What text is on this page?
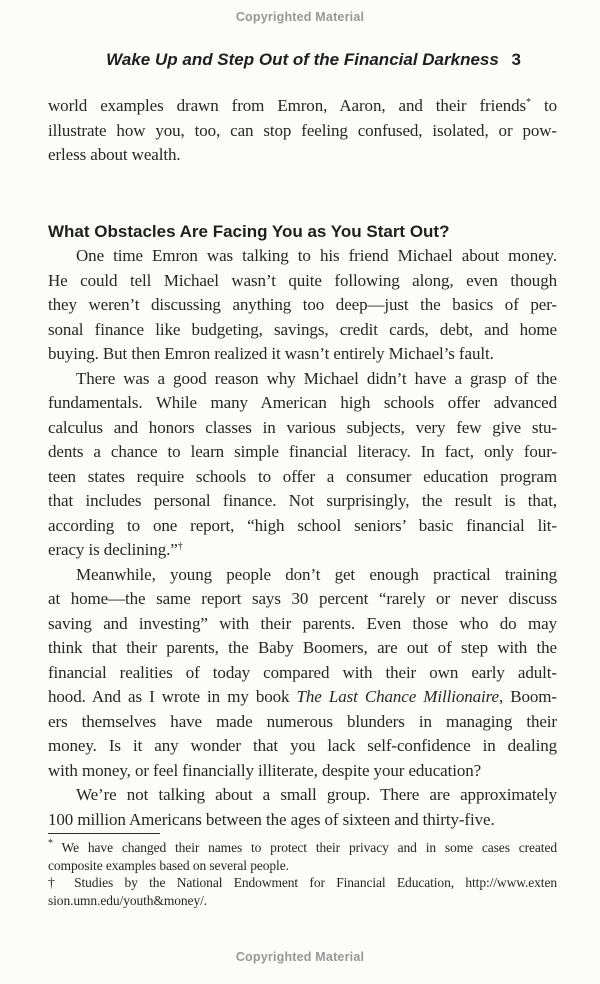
Copyrighted Material
Wake Up and Step Out of the Financial Darkness 3
world examples drawn from Emron, Aaron, and their friends* to
illustrate how you, too, can stop feeling confused, isolated, or pow-
erless about wealth.
What Obstacles Are Facing You as You Start Out?
One time Emron was talking to his friend Michael about money.
He could tell Michael wasn’t quite following along, even though
they weren’t discussing anything too deep—just the basics of per-
sonal finance like budgeting, savings, credit cards, debt, and home
buying. But then Emron realized it wasn’t entirely Michael’s fault.
There was a good reason why Michael didn’t have a grasp of the
fundamentals. While many American high schools offer advanced
calculus and honors classes in various subjects, very few give stu-
dents a chance to learn simple financial literacy. In fact, only four-
teen states require schools to offer a consumer education program
that includes personal finance. Not surprisingly, the result is that,
according to one report, “high school seniors’ basic financial lit-
eracy is declining.”†
Meanwhile, young people don’t get enough practical training
at home—the same report says 30 percent “rarely or never discuss
saving and investing” with their parents. Even those who do may
think that their parents, the Baby Boomers, are out of step with the
financial realities of today compared with their own early adult-
hood. And as I wrote in my book The Last Chance Millionaire, Boom-
ers themselves have made numerous blunders in managing their
money. Is it any wonder that you lack self-confidence in dealing
with money, or feel financially illiterate, despite your education?
We’re not talking about a small group. There are approximately
100 million Americans between the ages of sixteen and thirty-five.
* We have changed their names to protect their privacy and in some cases created
composite examples based on several people.
† Studies by the National Endowment for Financial Education, http://www.exten
sion.umn.edu/youth&money/.
Copyrighted Material
